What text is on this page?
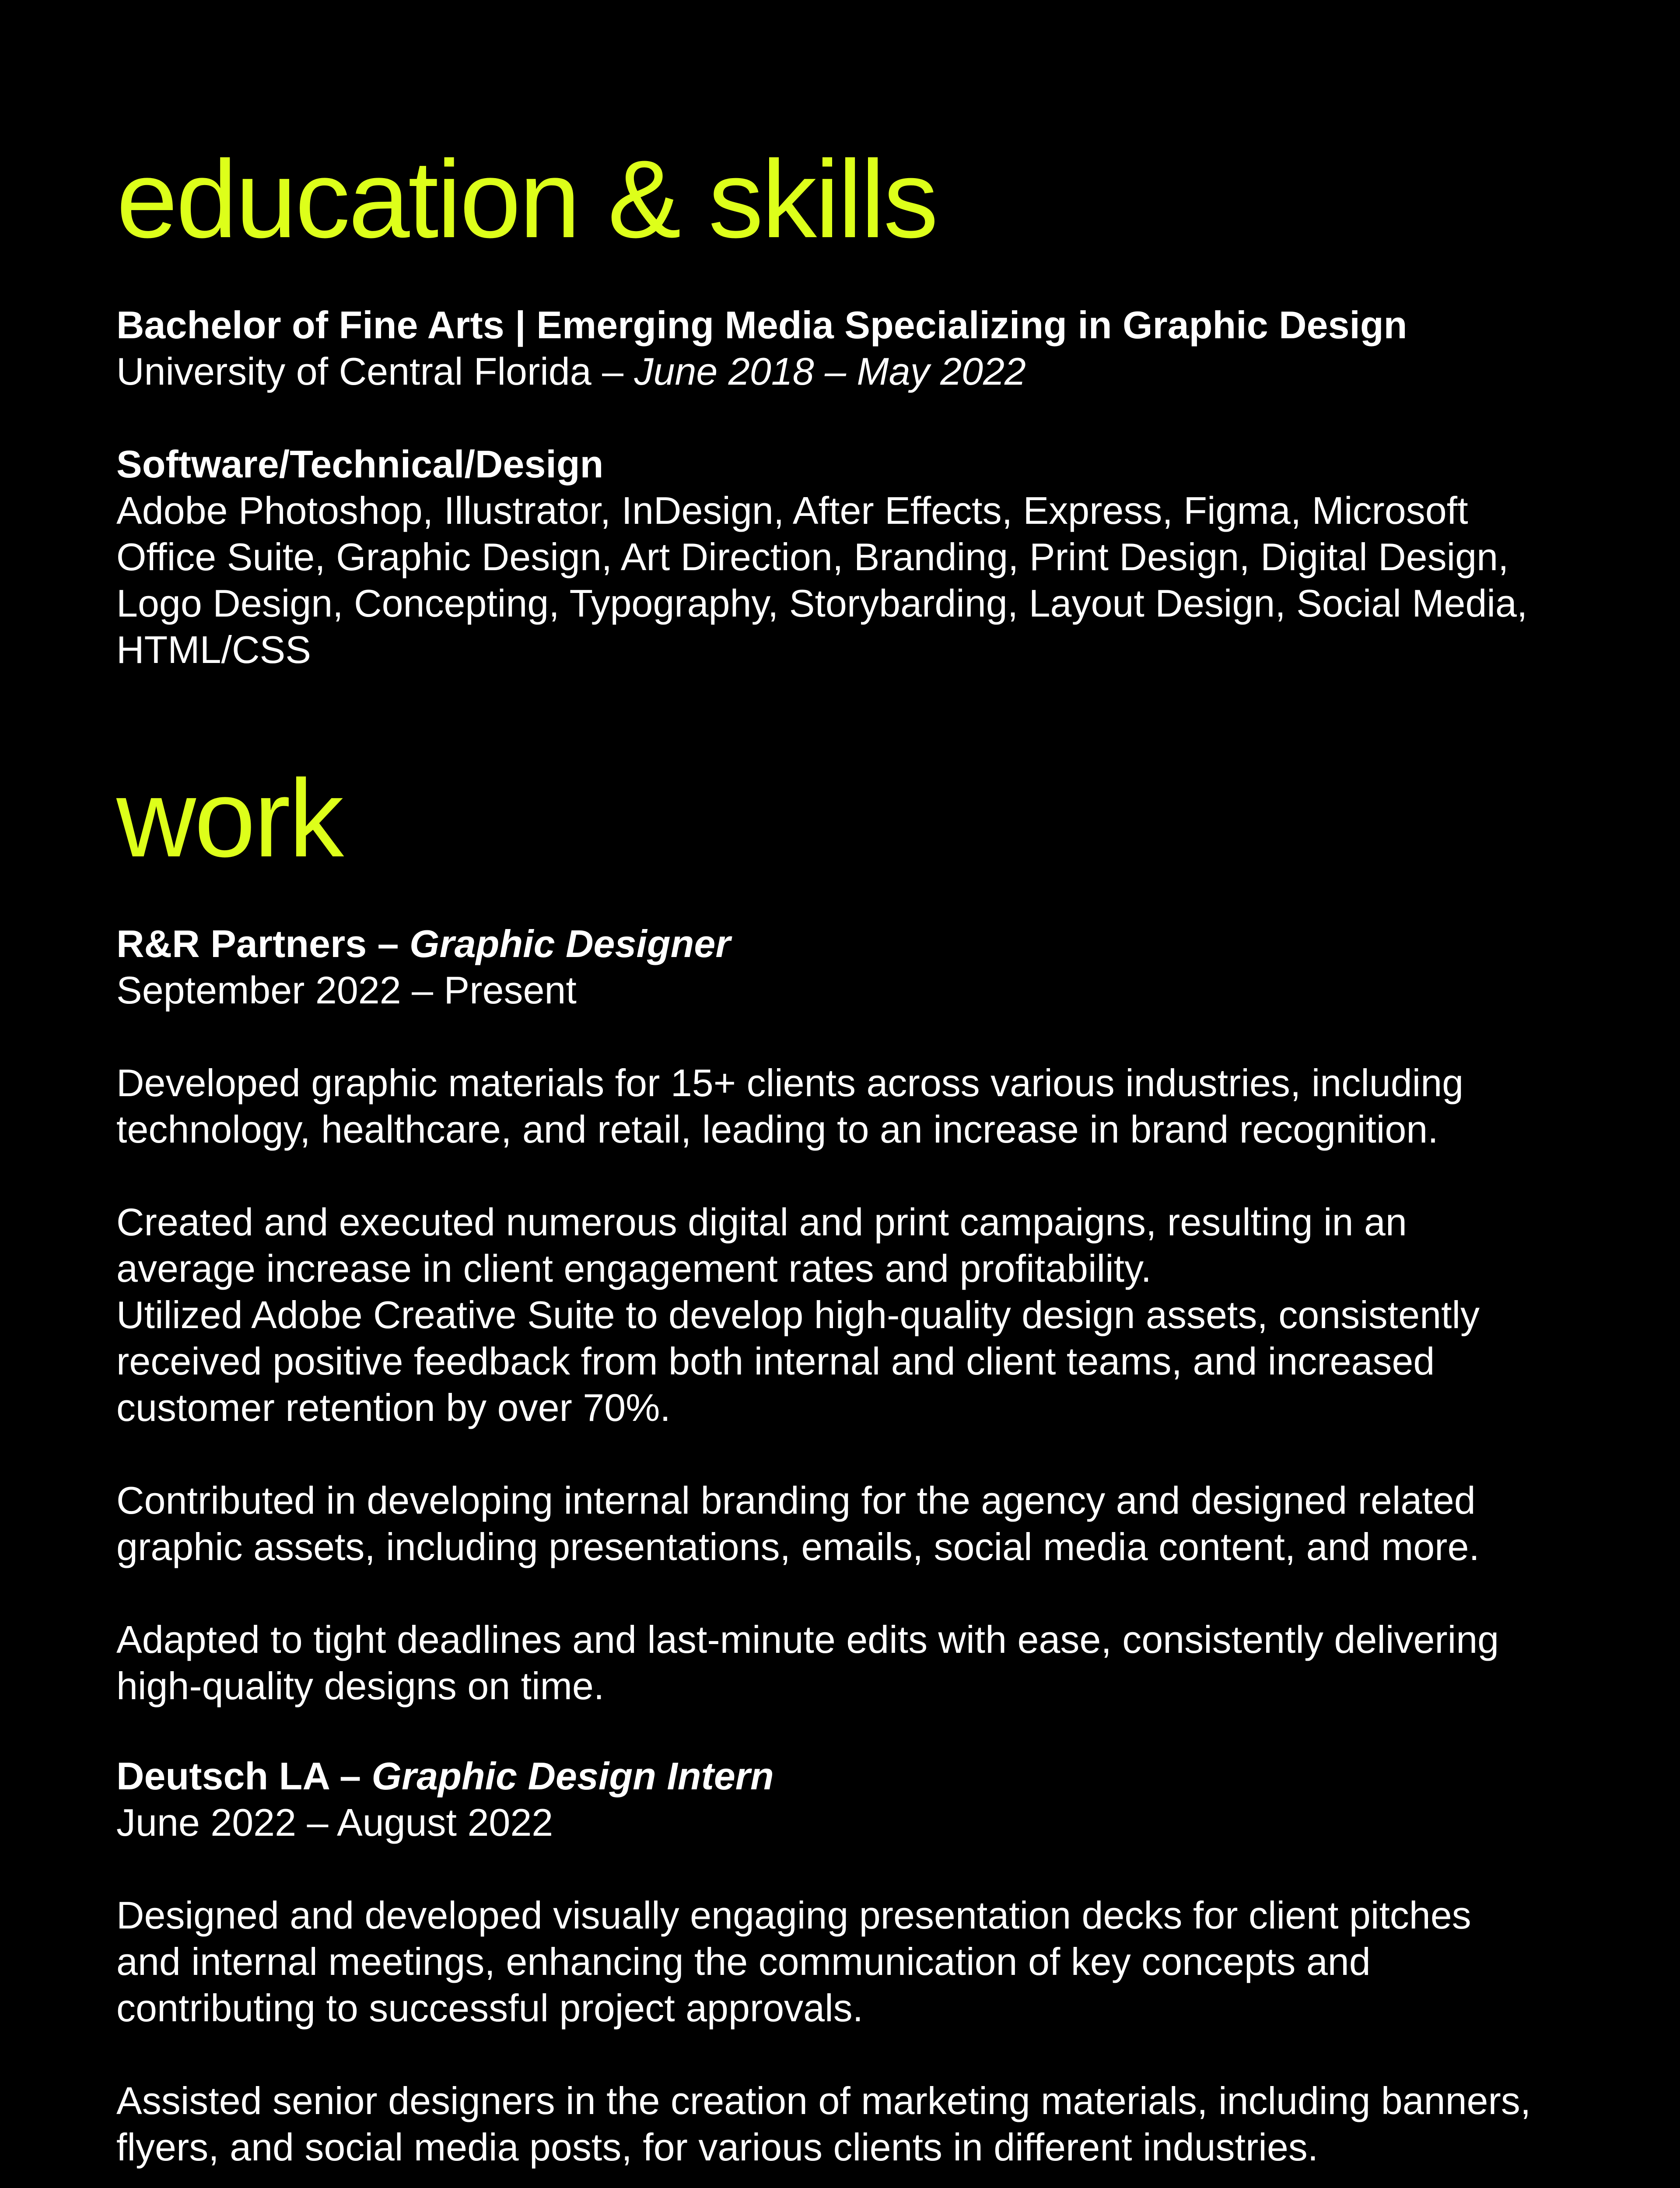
education & skills
Bachelor of Fine Arts | Emerging Media Specializing in Graphic Design
University of Central Florida – June 2018 – May 2022
Software/Technical/Design
Adobe Photoshop, Illustrator, InDesign, After Effects, Express, Figma, Microsoft
Office Suite, Graphic Design, Art Direction, Branding, Print Design, Digital Design,
Logo Design, Concepting, Typography, Storybarding, Layout Design, Social Media,
HTML/CSS
work
R&R Partners – Graphic Designer
September 2022 – Present
Developed graphic materials for 15+ clients across various industries, including
technology, healthcare, and retail, leading to an increase in brand recognition.
Created and executed numerous digital and print campaigns, resulting in an
average increase in client engagement rates and profitability.
Utilized Adobe Creative Suite to develop high-quality design assets, consistently
received positive feedback from both internal and client teams, and increased
customer retention by over 70%.
Contributed in developing internal branding for the agency and designed related
graphic assets, including presentations, emails, social media content, and more.
Adapted to tight deadlines and last-minute edits with ease, consistently delivering
high-quality designs on time.
Deutsch LA – Graphic Design Intern
June 2022 – August 2022
Designed and developed visually engaging presentation decks for client pitches
and internal meetings, enhancing the communication of key concepts and
contributing to successful project approvals.
Assisted senior designers in the creation of marketing materials, including banners,
flyers, and social media posts, for various clients in different industries.
